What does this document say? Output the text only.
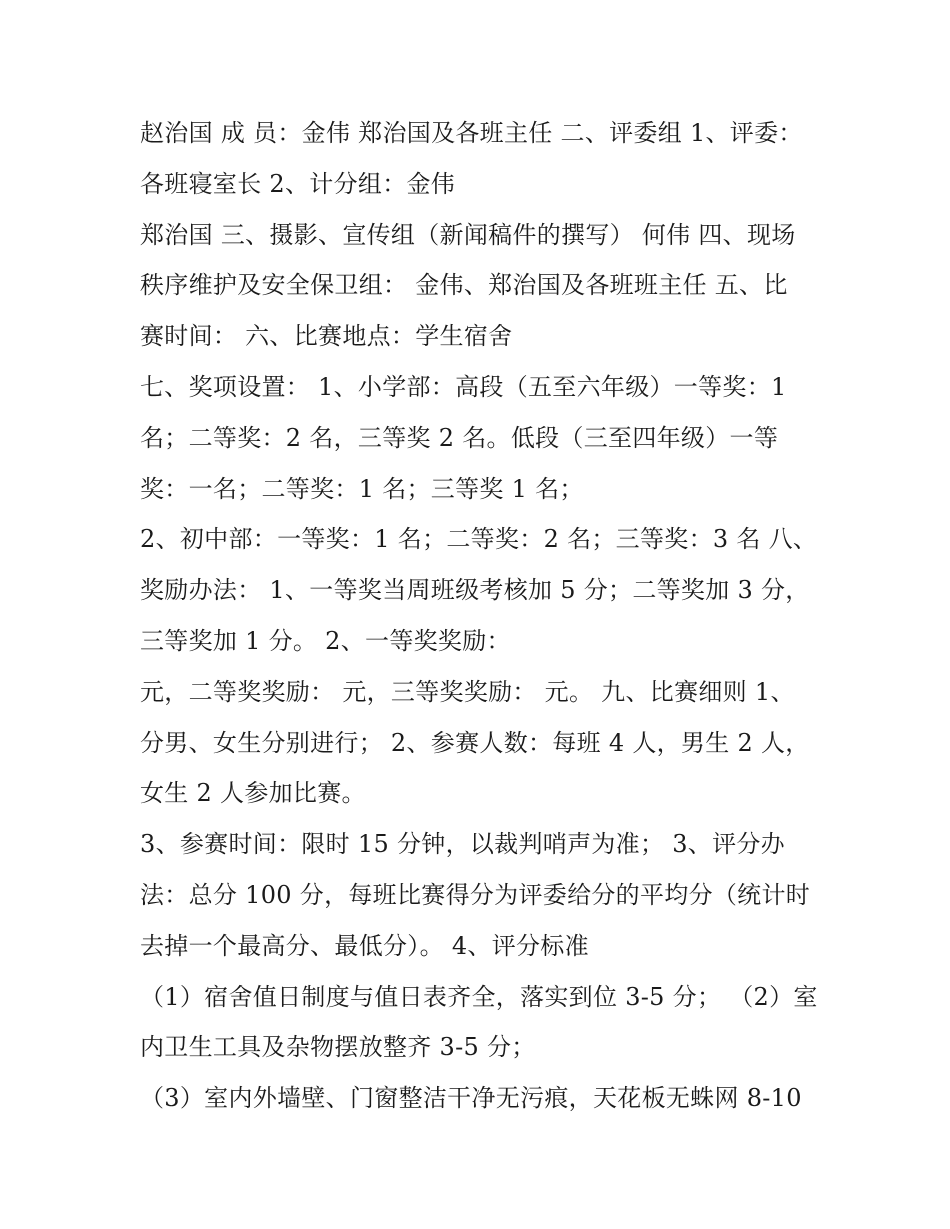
赵治国 成 员：金伟 郑治国及各班主任 二、评委组 1、评委：
各班寝室长 2、计分组：金伟
郑治国 三、摄影、宣传组（新闻稿件的撰写） 何伟 四、现场
秩序维护及安全保卫组： 金伟、郑治国及各班班主任 五、比
赛时间： 六、比赛地点：学生宿舍
七、奖项设置： 1、小学部：高段（五至六年级）一等奖：1
名；二等奖：2 名，三等奖 2 名。低段（三至四年级）一等
奖：一名；二等奖：1 名；三等奖 1 名；
2、初中部：一等奖：1 名；二等奖：2 名；三等奖：3 名 八、
奖励办法： 1、一等奖当周班级考核加 5 分；二等奖加 3 分，
三等奖加 1 分。 2、一等奖奖励：
元，二等奖奖励： 元，三等奖奖励： 元。 九、比赛细则 1、
分男、女生分别进行； 2、参赛人数：每班 4 人，男生 2 人，
女生 2 人参加比赛。
3、参赛时间：限时 15 分钟，以裁判哨声为准； 3、评分办
法：总分 100 分，每班比赛得分为评委给分的平均分（统计时
去掉一个最高分、最低分）。 4、评分标准
（1）宿舍值日制度与值日表齐全，落实到位 3-5 分； （2）室
内卫生工具及杂物摆放整齐 3-5 分；
（3）室内外墙壁、门窗整洁干净无污痕，天花板无蛛网 8-10
